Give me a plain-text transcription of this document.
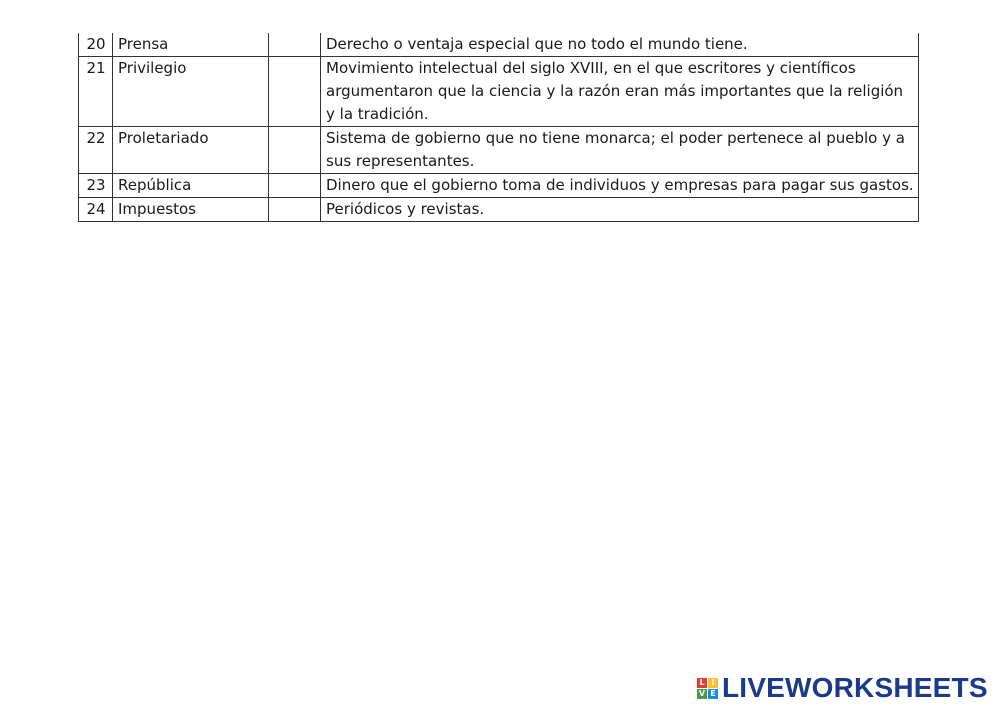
20	Prensa		Derecho o ventaja especial que no todo el mundo tiene.
21	Privilegio		Movimiento intelectual del siglo XVIII, en el que escritores y científicos argumentaron que la ciencia y la razón eran más importantes que la religión y la tradición.
22	Proletariado		Sistema de gobierno que no tiene monarca; el poder pertenece al pueblo y a sus representantes.
23	República		Dinero que el gobierno toma de individuos y empresas para pagar sus gastos.
24	Impuestos		Periódicos y revistas.
L I
V E LIVEWORKSHEETS
